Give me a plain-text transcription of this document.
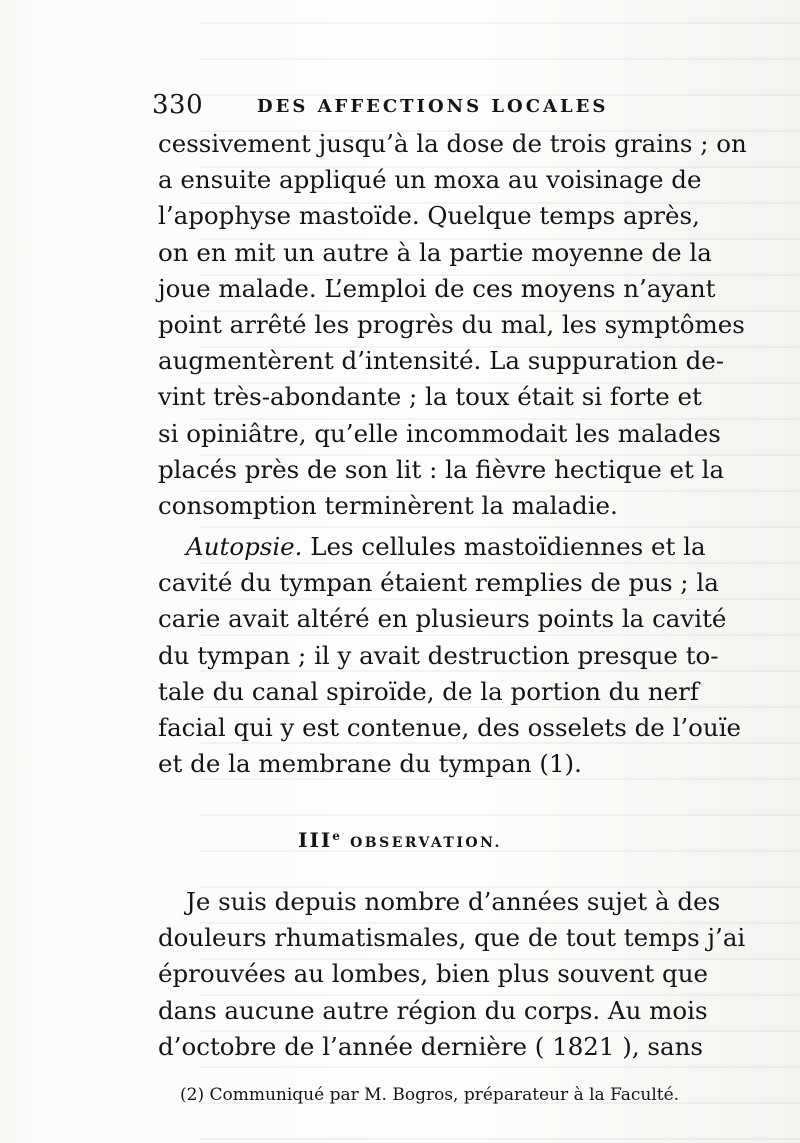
330	DES AFFECTIONS LOCALES
cessivement jusqu’à la dose de trois grains ; on
a ensuite appliqué un moxa au voisinage de
l’apophyse mastoïde. Quelque temps après,
on en mit un autre à la partie moyenne de la
joue malade. L’emploi de ces moyens n’ayant
point arrêté les progrès du mal, les symptômes
augmentèrent d’intensité. La suppuration de-
vint très-abondante ; la toux était si forte et
si opiniâtre, qu’elle incommodait les malades
placés près de son lit : la fièvre hectique et la
consomption terminèrent la maladie.
Autopsie. Les cellules mastoïdiennes et la
cavité du tympan étaient remplies de pus ; la
carie avait altéré en plusieurs points la cavité
du tympan ; il y avait destruction presque to-
tale du canal spiroïde, de la portion du nerf
facial qui y est contenue, des osselets de l’ouïe
et de la membrane du tympan (1).
IIIe OBSERVATION.
Je suis depuis nombre d’années sujet à des
douleurs rhumatismales, que de tout temps j’ai
éprouvées au lombes, bien plus souvent que
dans aucune autre région du corps. Au mois
d’octobre de l’année dernière ( 1821 ), sans
(2) Communiqué par M. Bogros, préparateur à la Faculté.
